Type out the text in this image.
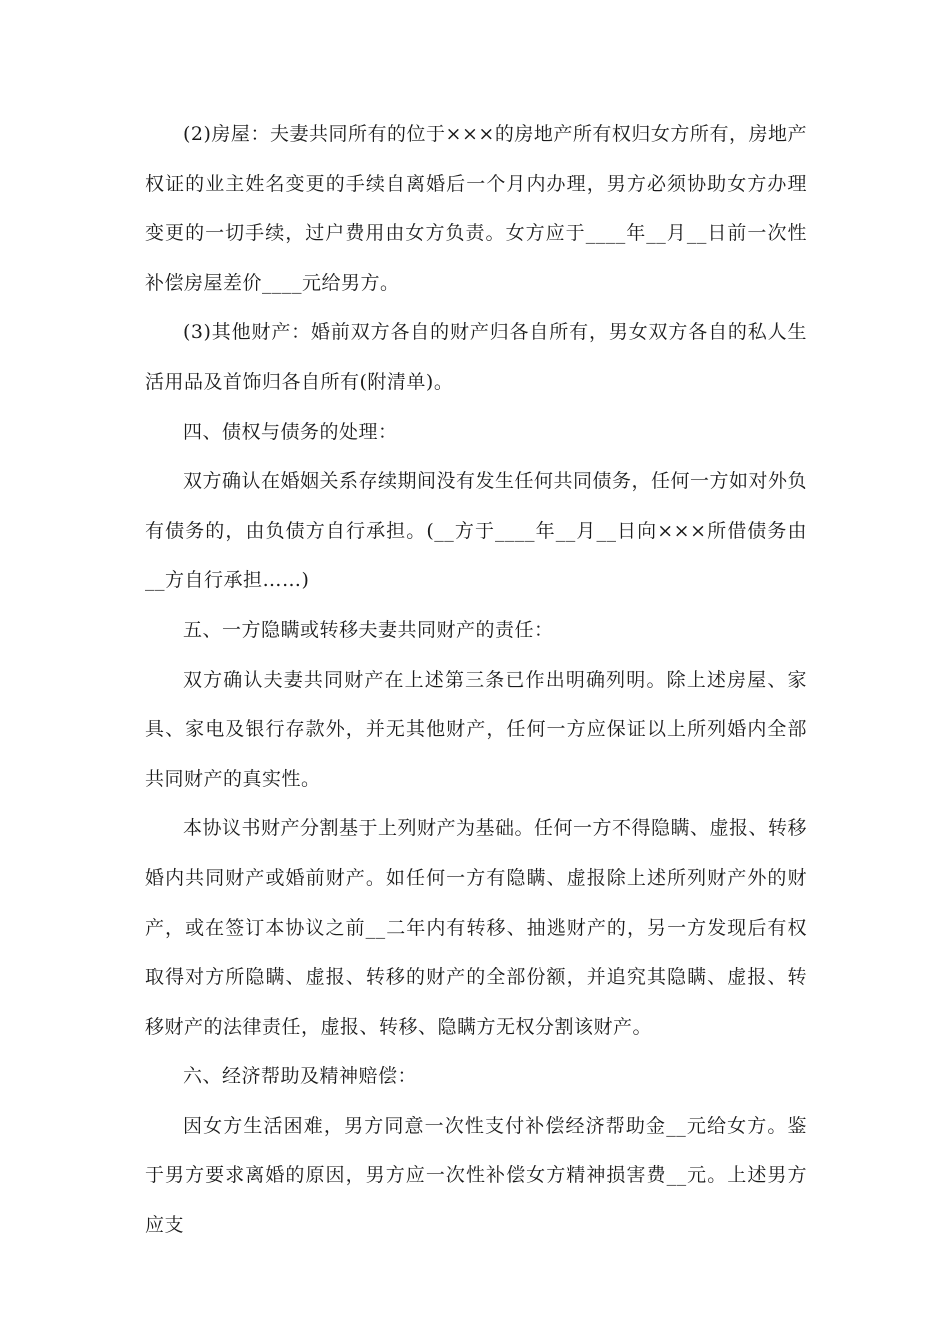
(2)房屋：夫妻共同所有的位于×××的房地产所有权归女方所有，房地产权证的业主姓名变更的手续自离婚后一个月内办理，男方必须协助女方办理变更的一切手续，过户费用由女方负责。女方应于____年__月__日前一次性补偿房屋差价____元给男方。

(3)其他财产：婚前双方各自的财产归各自所有，男女双方各自的私人生活用品及首饰归各自所有(附清单)。

四、债权与债务的处理：

双方确认在婚姻关系存续期间没有发生任何共同债务，任何一方如对外负有债务的，由负债方自行承担。(__方于____年__月__日向×××所借债务由__方自行承担……)

五、一方隐瞒或转移夫妻共同财产的责任：

双方确认夫妻共同财产在上述第三条已作出明确列明。除上述房屋、家具、家电及银行存款外，并无其他财产，任何一方应保证以上所列婚内全部共同财产的真实性。

本协议书财产分割基于上列财产为基础。任何一方不得隐瞒、虚报、转移婚内共同财产或婚前财产。如任何一方有隐瞒、虚报除上述所列财产外的财产，或在签订本协议之前__二年内有转移、抽逃财产的，另一方发现后有权取得对方所隐瞒、虚报、转移的财产的全部份额，并追究其隐瞒、虚报、转移财产的法律责任，虚报、转移、隐瞒方无权分割该财产。

六、经济帮助及精神赔偿：

因女方生活困难，男方同意一次性支付补偿经济帮助金__元给女方。鉴于男方要求离婚的原因，男方应一次性补偿女方精神损害费__元。上述男方应支
